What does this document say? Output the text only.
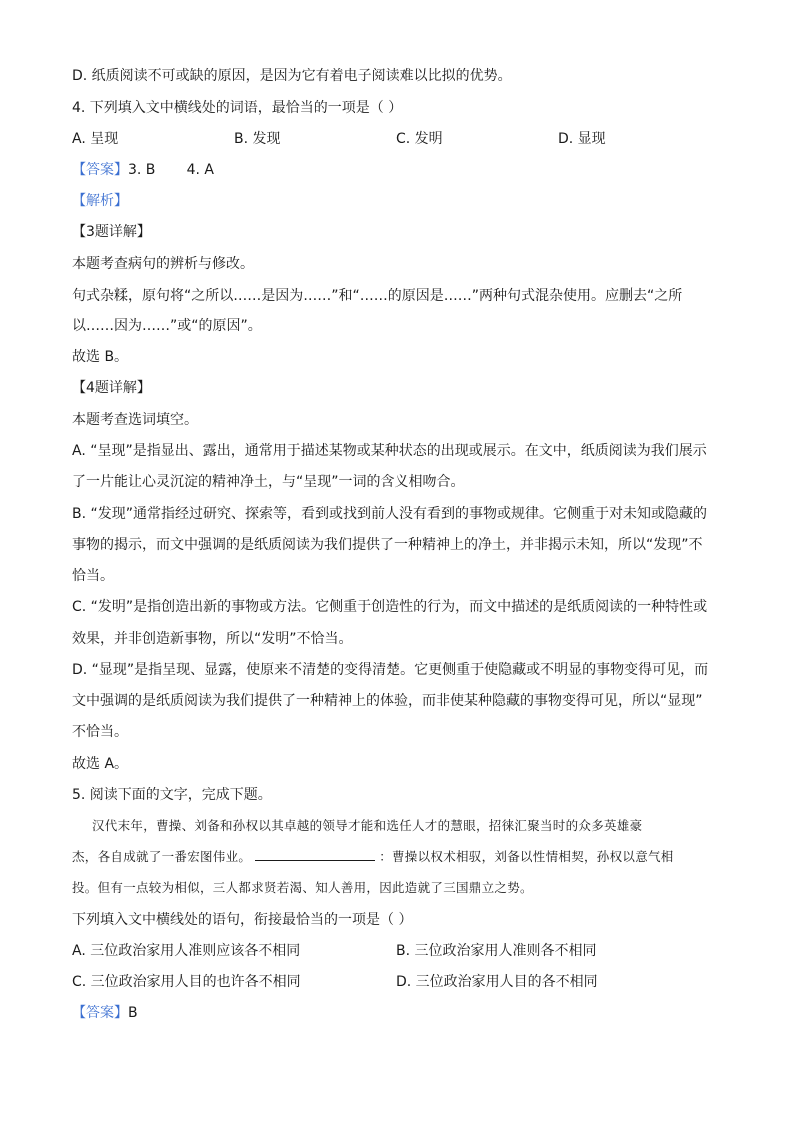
D. 纸质阅读不可或缺的原因，是因为它有着电子阅读难以比拟的优势。
4. 下列填入文中横线处的词语，最恰当的一项是（ ）
A. 呈现	B. 发现	C. 发明	D. 显现
【答案】3. B       4. A
【解析】
【3题详解】
本题考查病句的辨析与修改。
句式杂糅，原句将“之所以……是因为……”和“……的原因是……”两种句式混杂使用。应删去“之所
以……因为……”或“的原因”。
故选 B。
【4题详解】
本题考查选词填空。
A. “呈现”是指显出、露出，通常用于描述某物或某种状态的出现或展示。在文中，纸质阅读为我们展示
了一片能让心灵沉淀的精神净土，与“呈现”一词的含义相吻合。
B. “发现”通常指经过研究、探索等，看到或找到前人没有看到的事物或规律。它侧重于对未知或隐藏的
事物的揭示，而文中强调的是纸质阅读为我们提供了一种精神上的净土，并非揭示未知，所以“发现”不
恰当。
C. “发明”是指创造出新的事物或方法。它侧重于创造性的行为，而文中描述的是纸质阅读的一种特性或
效果，并非创造新事物，所以“发明”不恰当。
D. “显现”是指呈现、显露，使原来不清楚的变得清楚。它更侧重于使隐藏或不明显的事物变得可见，而
文中强调的是纸质阅读为我们提供了一种精神上的体验，而非使某种隐藏的事物变得可见，所以“显现”
不恰当。
故选 A。
5. 阅读下面的文字，完成下题。
汉代末年，曹操、刘备和孙权以其卓越的领导才能和选任人才的慧眼，招徕汇聚当时的众多英雄豪
杰，各自成就了一番宏图伟业。	：曹操以权术相驭，刘备以性情相契，孙权以意气相
投。但有一点较为相似，三人都求贤若渴、知人善用，因此造就了三国鼎立之势。
下列填入文中横线处的语句，衔接最恰当的一项是（ ）
A. 三位政治家用人准则应该各不相同	B. 三位政治家用人准则各不相同
C. 三位政治家用人目的也许各不相同	D. 三位政治家用人目的各不相同
【答案】B
